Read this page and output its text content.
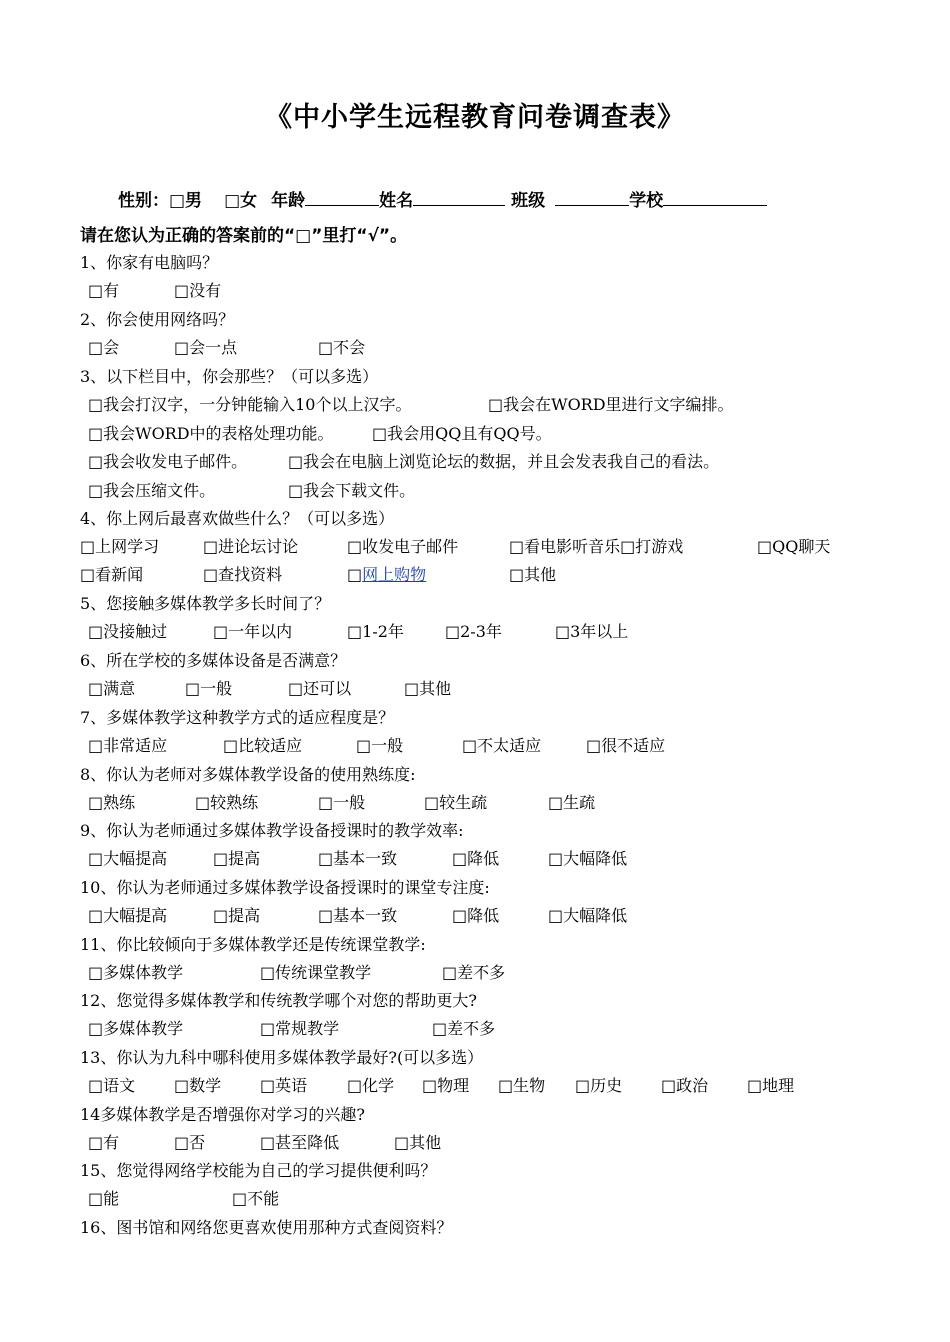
《中小学生远程教育问卷调查表》
性别：□男 □女 年龄	姓名	班级	学校
请在您认为正确的答案前的“□”里打“√”。
1、你家有电脑吗？
□有	□没有
2、你会使用网络吗？
□会	□会一点	□不会
3、以下栏目中，你会那些？（可以多选）
□我会打汉字，一分钟能输入10个以上汉字。	□我会在WORD里进行文字编排。
□我会WORD中的表格处理功能。 □我会用QQ且有QQ号。
□我会收发电子邮件。	□我会在电脑上浏览论坛的数据，并且会发表我自己的看法。
□我会压缩文件。	□我会下载文件。
4、你上网后最喜欢做些什么？（可以多选）
□上网学习	□进论坛讨论	□收发电子邮件	□看电影听音乐□打游戏	□QQ聊天
□看新闻	□查找资料	□网上购物	□其他
5、您接触多媒体教学多长时间了？
□没接触过	□一年以内	□1-2年	□2-3年	□3年以上
6、所在学校的多媒体设备是否满意？
□满意	□一般	□还可以	□其他
7、多媒体教学这种教学方式的适应程度是？
□非常适应	□比较适应	□一般	□不太适应	□很不适应
8、你认为老师对多媒体教学设备的使用熟练度:
□熟练	□较熟练	□一般	□较生疏	□生疏
9、你认为老师通过多媒体教学设备授课时的教学效率:
□大幅提高	□提高	□基本一致	□降低	□大幅降低
10、你认为老师通过多媒体教学设备授课时的课堂专注度:
□大幅提高	□提高	□基本一致	□降低	□大幅降低
11、你比较倾向于多媒体教学还是传统课堂教学:
□多媒体教学	□传统课堂教学	□差不多
12、您觉得多媒体教学和传统教学哪个对您的帮助更大?
□多媒体教学	□常规教学	□差不多
13、你认为九科中哪科使用多媒体教学最好?(可以多选）
□语文 □数学 □英语 □化学 □物理 □生物 □历史 □政治 □地理
14多媒体教学是否增强你对学习的兴趣?
□有	□否	□甚至降低	□其他
15、您觉得网络学校能为自己的学习提供便利吗？
□能	□不能
16、图书馆和网络您更喜欢使用那种方式查阅资料？
